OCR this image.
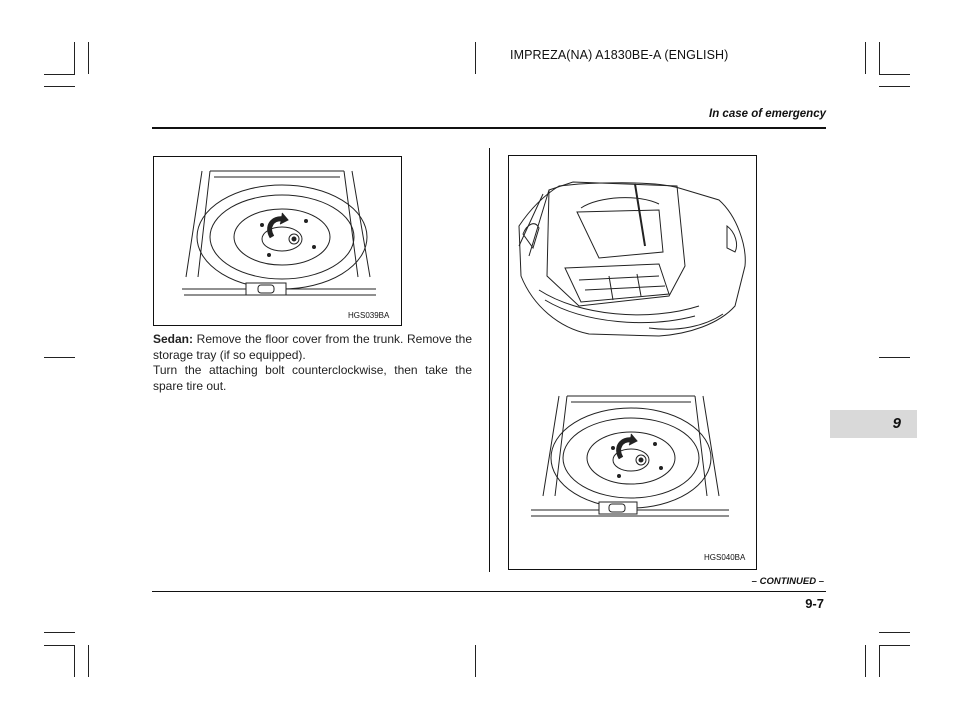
IMPREZA(NA) A1830BE-A (ENGLISH)
In case of emergency
HGS039BA

Sedan: Remove the floor cover from the trunk. Remove the storage tray (if so equipped).

Turn the attaching bolt counterclockwise, then take the spare tire out.

HGS040BA
– CONTINUED –
9-7
9
